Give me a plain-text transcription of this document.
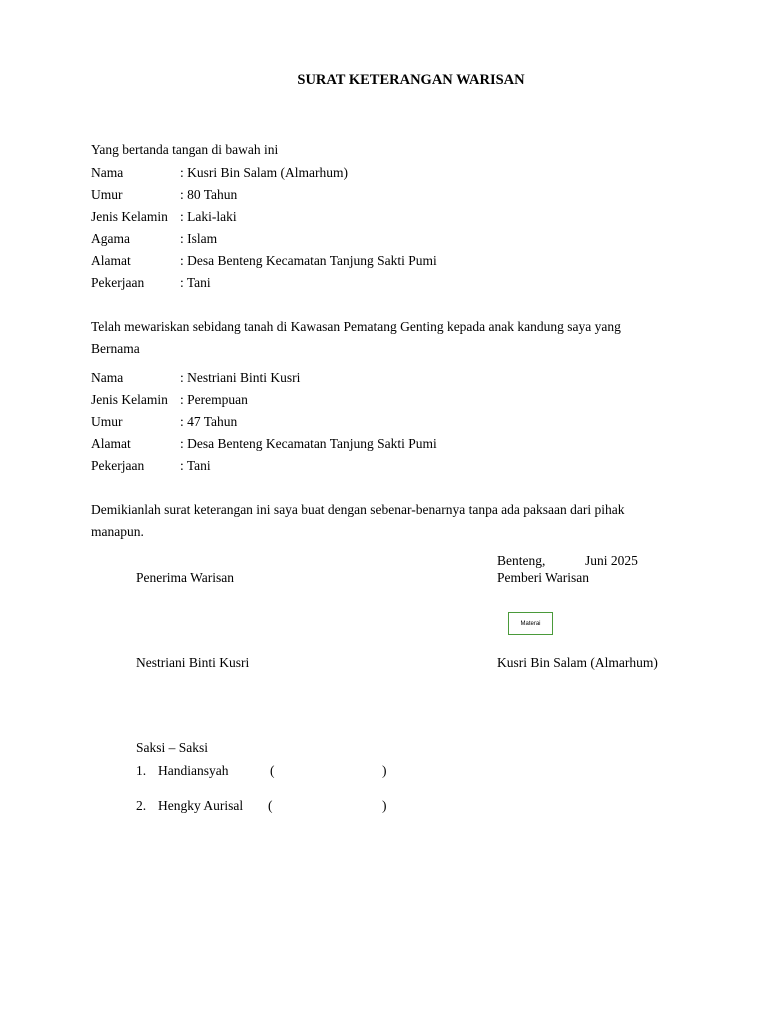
SURAT KETERANGAN WARISAN
Yang bertanda tangan di bawah ini
Nama	: Kusri Bin Salam (Almarhum)
Umur	: 80 Tahun
Jenis Kelamin : Laki-laki
Agama	: Islam
Alamat	: Desa Benteng Kecamatan Tanjung Sakti Pumi
Pekerjaan	: Tani
Telah mewariskan sebidang tanah di Kawasan Pematang Genting kepada anak kandung saya yang Bernama
Nama	: Nestriani Binti Kusri
Jenis Kelamin : Perempuan
Umur	: 47 Tahun
Alamat	: Desa Benteng Kecamatan Tanjung Sakti Pumi
Pekerjaan	: Tani
Demikianlah surat keterangan ini saya buat dengan sebenar-benarnya tanpa ada paksaan dari pihak manapun.
Benteng,	Juni 2025
Penerima Warisan	Pemberi Warisan
Materai
Nestriani Binti Kusri	Kusri Bin Salam (Almarhum)
Saksi – Saksi
1. Handiansyah	(	)
2. Hengky Aurisal (	)
